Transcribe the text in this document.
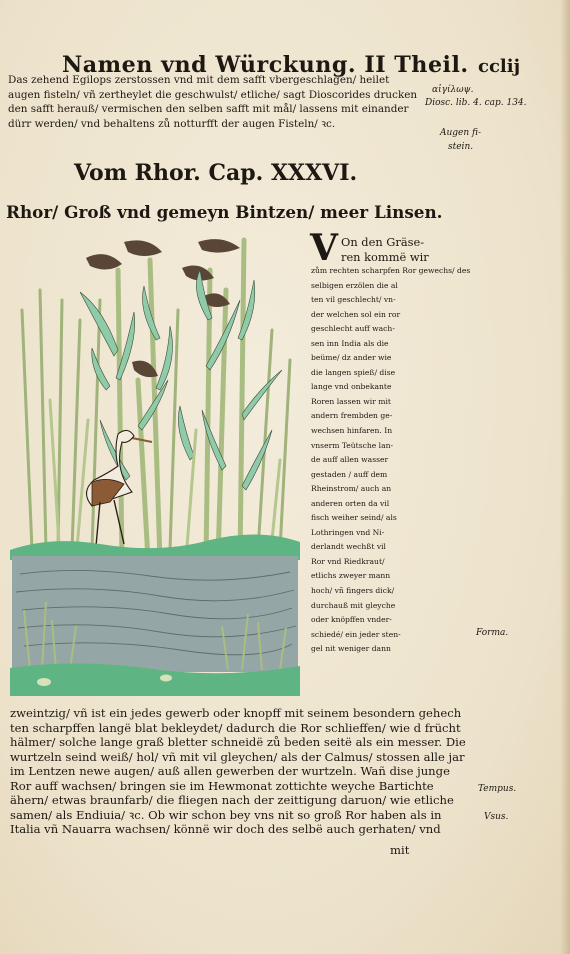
Namen vnd Würckung. II Theil. cclij
Das zehend Egilops zerstossen vnd mit dem safft vbergeschlagen/ heilet
augen fisteln/ vñ zertheylet die geschwulst/ etliche/ sagt Dioscorides drucken
den safft herauß/ vermischen den selben safft mit mål/ lassens mit einander
dürr werden/ vnd behaltens zů notturfft der augen Fisteln/ ꝛc.
αἰγίλωψ.
Diosc. lib. 4. cap. 134.
Augen fi-
stein.
Vom Rhor. Cap. XXXVI.
Rhor/ Groß vnd gemeyn Bintzen/ meer Linsen.
V On den Gräse-
ren kommë wir
zům rechten scharpfen Ror gewechs/ des
selbigen erzölen die al
ten vil geschlecht/ vn-
der welchen sol ein ror
geschlecht auff wach-
sen inn India als die
beüme/ dz ander wie
die langen spieß/ dise
lange vnd onbekante
Roren lassen wir mit
andern frembden ge-
wechsen hinfaren. In
vnserm Teütsche lan-
de auff allen wasser
gestaden / auff dem
Rheinstrom/ auch an
anderen orten da vil
fisch weiher seind/ als
Lothringen vnd Ni-
derlandt wechßt vil
Ror vnd Riedkraut/
etlichs zweyer mann
hoch/ vñ fingers dick/
durchauß mit gleyche
oder knöpffen vnder-
schiedé/ ein jeder sten-
gel nit weniger dann
Forma.
Tempus.
Vsus.
zweintzig/ vñ ist ein jedes gewerb oder knopff mit seinem besondern gehech
ten scharpffen langë blat bekleydet/ dadurch die Ror schlieffen/ wie d frücht
hälmer/ solche lange graß bletter schneidë zů beden seitë als ein messer. Die
wurtzeln seind weiß/ hol/ vñ mit vil gleychen/ als der Calmus/ stossen alle jar
im Lentzen newe augen/ auß allen gewerben der wurtzeln. Wañ dise junge
Ror auff wachsen/ bringen sie im Hewmonat zottichte weyche Bartichte
ähern/ etwas braunfarb/ die fliegen nach der zeittigung daruon/ wie etliche
samen/ als Endiuia/ ꝛc. Ob wir schon bey vns nit so groß Ror haben als in
Italia vñ Nauarra wachsen/ könnë wir doch des selbë auch gerhaten/ vnd
mit
